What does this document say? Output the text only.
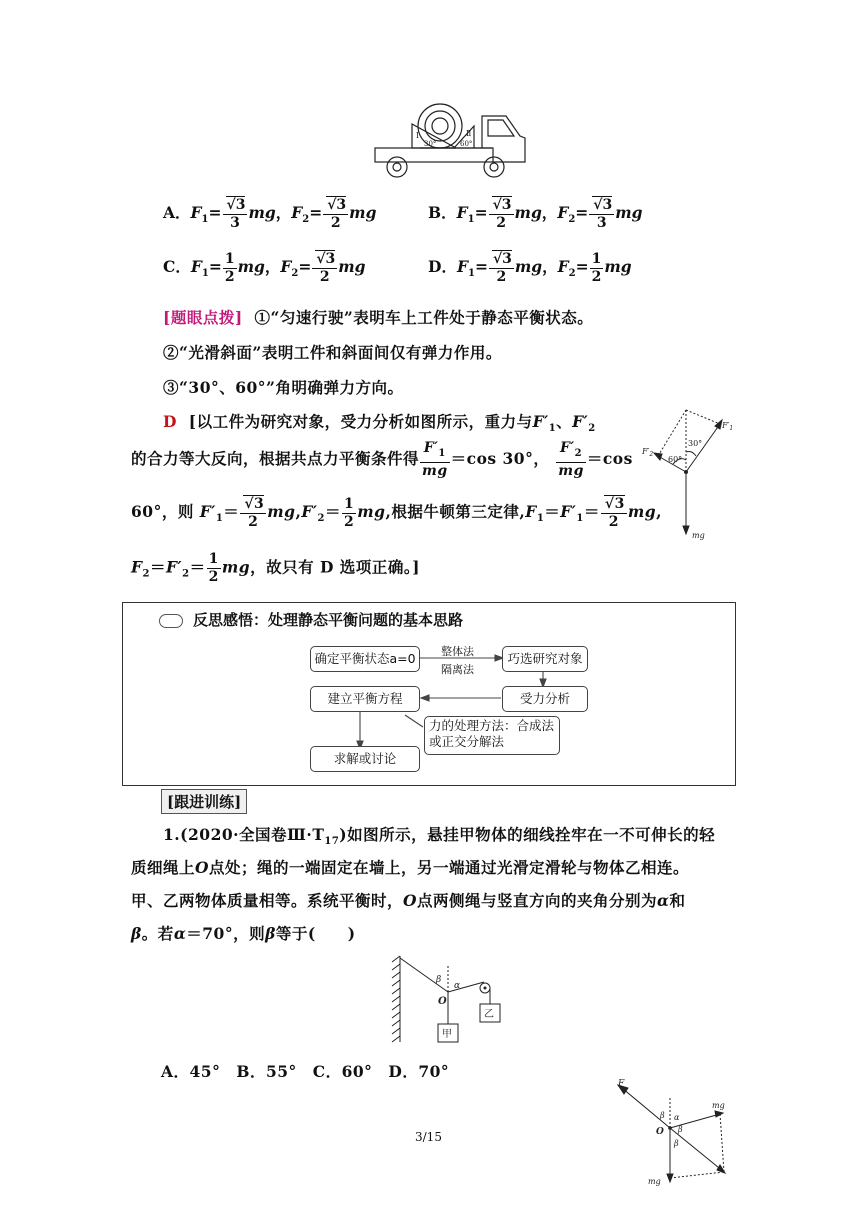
Ⅰ	Ⅱ
30°	60°
A．$F_1=$ √ $\frac{3}{3}$ mg，$F_2=$ √ $\frac{3}{2}$ mg	B．$F_1=$ √ $\frac{3}{2}$ mg，$F_2=$ √ $\frac{3}{3}$ mg
C．$F_1= \frac{1}{2}$ mg，$F_2=$ √ $\frac{3}{2}$ mg	D．$F_1=$ √ $\frac{3}{2}$ mg，$F_2= \frac{1}{2}$ mg
[题眼点拨] ①“匀速行驶”表明车上工件处于静态平衡状态。
②“光滑斜面”表明工件和斜面间仅有弹力作用。
③“30°、60°”角明确弹力方向。
D [以工件为研究对象，受力分析如图所示，重力与$F'_1$、$F'_2$
的合力等大反向，根据共点力平衡条件得 $\frac{F'_1}{mg} =\cos$ 30°， $\frac{F'_2}{mg} =\cos$
60°，则 $F'_1=$ √ $\frac{3}{2} mg,F'_2= \frac{1}{2}$ mg,根据牛顿第三定律$,F_1=F'_1=$ √ $\frac{3}{2}$ mg,
$F_2=F'_2= \frac{1}{2}$ mg，故只有 D 选项正确。]
$F'_1$
$F'_2$
30°
60°
mg
反思感悟：处理静态平衡问题的基本思路
确定平衡状态a=0	整体法
隔离法
巧选研究对象
受力分析
建立平衡方程
力的处理方法：合成法
或正交分解法
求解或讨论
[跟进训练]
1.(2020·全国卷$Ⅲ\cdot T_{17}$)如图所示，悬挂甲物体的细线拴牢在一不可伸长的轻
质细绳上O点处；绳的一端固定在墙上，另一端通过光滑定滑轮与物体乙相连。
甲、乙两物体质量相等。系统平衡时，O点两侧绳与竖直方向的夹角分别为α和
β。若α＝70°，则β等于(　　)
β
α
O
甲
乙
A．45°　B．55°　C．60°　D．70°
F
mg
β α
O β
β
mg
3/15
